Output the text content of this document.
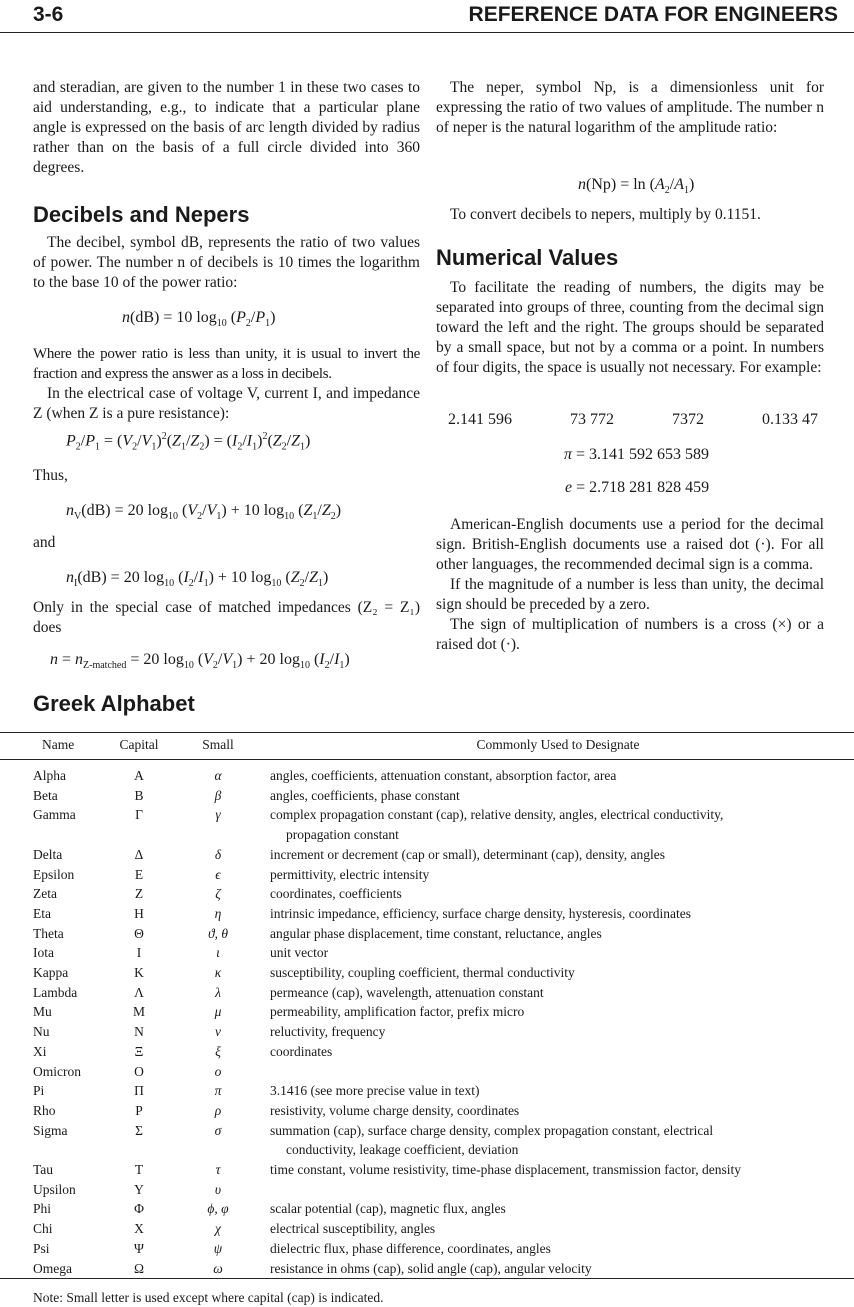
3-6	REFERENCE DATA FOR ENGINEERS

and steradian, are given to the number 1 in these two cases to aid understanding, e.g., to indicate that a particular plane angle is expressed on the basis of arc length divided by radius rather than on the basis of a full circle divided into 360 degrees.

Decibels and Nepers

The decibel, symbol dB, represents the ratio of two values of power. The number n of decibels is 10 times the logarithm to the base 10 of the power ratio:

n(dB) = 10 $\log_{10} (P_2/P_1)$

Where the power ratio is less than unity, it is usual to invert the fraction and express the answer as a loss in decibels.

In the electrical case of voltage V, current I, and impedance Z (when Z is a pure resistance):

$P_2/P_1 = (V_2/V_1)^2(Z_1/Z_2) = (I_2/I_1)^2(Z_2/Z_1)$
Thus,
$n_V(dB) = 20$ $\log_{10} (V_2/V_1) + 10$ $\log_{10} (Z_1/Z_2)$
and
$n_I(dB) = 20$ $\log_{10} (I_2/I_1) + 10$ $\log_{10} (Z_2/Z_1)$

Only in the special case of matched impedances (Z₂ = Z₁) does

$n = n_{Z-matched} = 20$ $\log_{10} (V_2/V_1) + 20$ $\log_{10} (I_2/I_1)$
Greek Alphabet

The neper, symbol Np, is a dimensionless unit for expressing the ratio of two values of amplitude. The number n of neper is the natural logarithm of the amplitude ratio:

$n(Np) = \ln (A_2/A_1)$

To convert decibels to nepers, multiply by 0.1151.

Numerical Values

To facilitate the reading of numbers, the digits may be separated into groups of three, counting from the decimal sign toward the left and the right. The groups should be separated by a small space, but not by a comma or a point. In numbers of four digits, the space is usually not necessary. For example:

2.141 596	73 772	7372	0.133 47
π = 3.141 592 653 589
e = 2.718 281 828 459

American-English documents use a period for the decimal sign. British-English documents use a raised dot (·). For all other languages, the recommended decimal sign is a comma.

If the magnitude of a number is less than unity, the decimal sign should be preceded by a zero.

The sign of multiplication of numbers is a cross (×) or a raised dot (·).

Name	Capital	Small	Commonly Used to Designate
Alpha	A	α	angles, coefficients, attenuation constant, absorption factor, area
Beta	B	β	angles, coefficients, phase constant
Gamma	Γ	γ	complex propagation constant (cap), relative density, angles, electrical conductivity,
propagation constant

Delta	Δ	δ	increment or decrement (cap or small), determinant (cap), density, angles
Epsilon	E	ϵ	permittivity, electric intensity
Zeta	Z	ζ	coordinates, coefficients
Eta	H	η	intrinsic impedance, efficiency, surface charge density, hysteresis, coordinates
Theta	Θ	ϑ, θ	angular phase displacement, time constant, reluctance, angles
Iota	I	ι	unit vector
Kappa	K	κ	susceptibility, coupling coefficient, thermal conductivity
Lambda	Λ	λ	permeance (cap), wavelength, attenuation constant
Mu	M	μ	permeability, amplification factor, prefix micro
Nu	N	ν	reluctivity, frequency
Xi	Ξ	ξ	coordinates
Omicron	O	o	
Pi	Π	π	3.1416 (see more precise value in text)
Rho	P	ρ	resistivity, volume charge density, coordinates
Sigma	Σ	σ	summation (cap), surface charge density, complex propagation constant, electrical
conductivity, leakage coefficient, deviation

Tau	T	τ	time constant, volume resistivity, time-phase displacement, transmission factor, density
Upsilon	Υ	υ	
Phi	Φ	ϕ, φ	scalar potential (cap), magnetic flux, angles
Chi	X	χ	electrical susceptibility, angles
Psi	Ψ	ψ	dielectric flux, phase difference, coordinates, angles
Omega	Ω	ω	resistance in ohms (cap), solid angle (cap), angular velocity
Note: Small letter is used except where capital (cap) is indicated.
